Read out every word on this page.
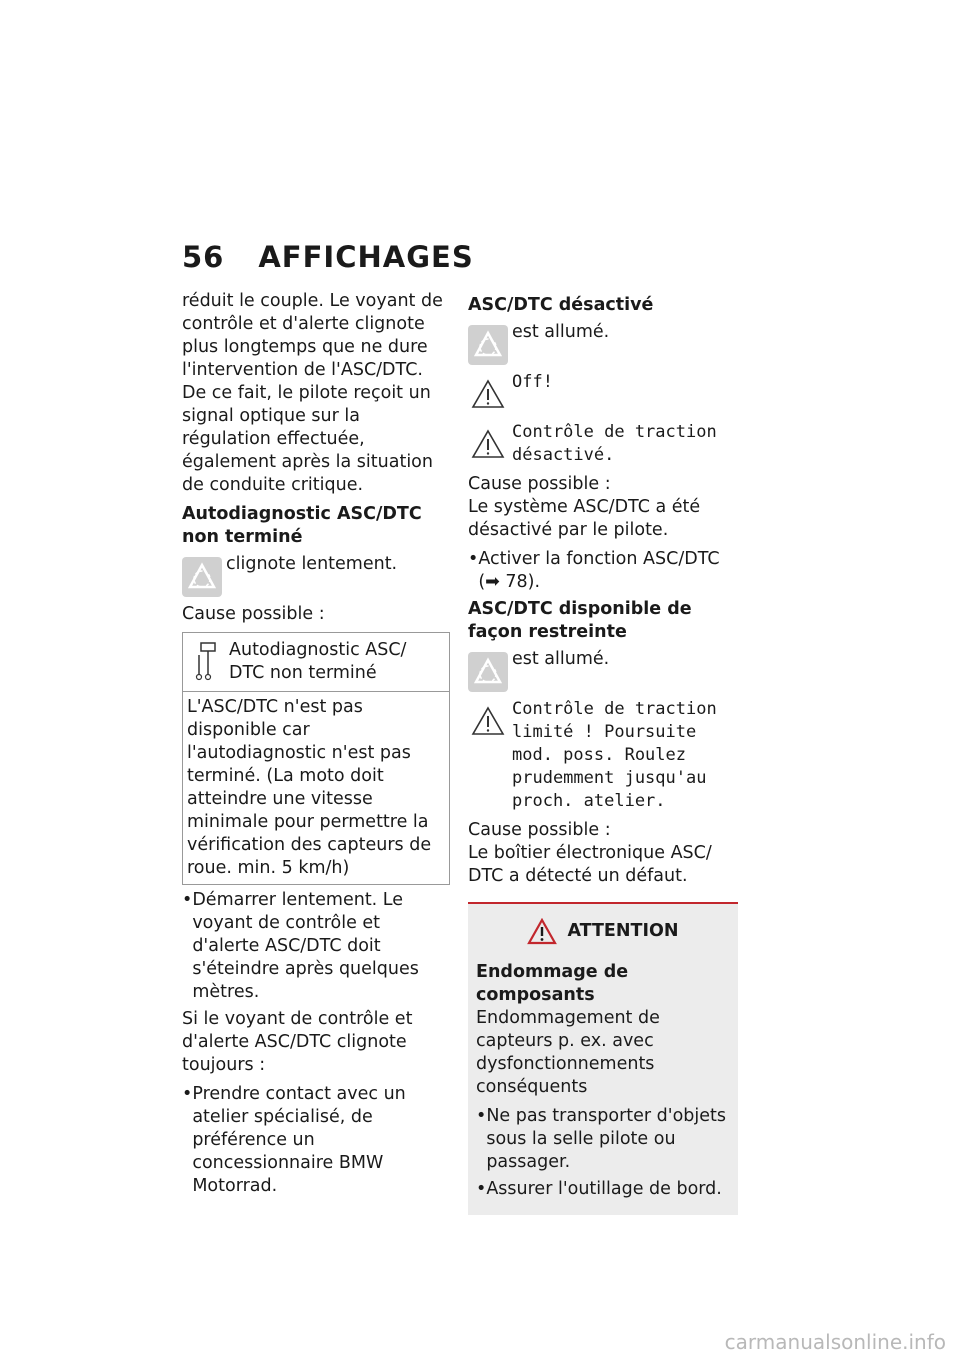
56 AFFICHAGES

réduit le couple. Le voyant de contrôle et d'alerte clignote plus longtemps que ne dure l'intervention de l'ASC/DTC. De ce fait, le pilote reçoit un signal optique sur la régulation effectuée, également après la situation de conduite critique.

Autodiagnostic ASC/DTC non terminé
clignote lentement.

Cause possible :

Autodiagnostic ASC/ DTC non terminé
L'ASC/DTC n'est pas disponible car l'autodiagnostic n'est pas terminé. (La moto doit atteindre une vitesse minimale pour permettre la vérification des capteurs de roue. min. 5 km/h)
• Démarrer lentement. Le voyant de contrôle et d'alerte ASC/DTC doit s'éteindre après quelques mètres.

Si le voyant de contrôle et d'alerte ASC/DTC clignote toujours :

• Prendre contact avec un atelier spécialisé, de préférence un concessionnaire BMW Motorrad.
ASC/DTC désactivé
est allumé.
Off!
Contrôle de traction désactivé.

Cause possible :
Le système ASC/DTC a été désactivé par le pilote.

• Activer la fonction ASC/DTC
(➡ 78).
ASC/DTC disponible de façon restreinte
est allumé.
Contrôle de traction limité ! Poursuite mod. poss. Roulez prudemment jusqu'au proch. atelier.

Cause possible :
Le boîtier électronique ASC/ DTC a détecté un défaut.

ATTENTION
Endommage de composants

Endommagement de capteurs p. ex. avec dysfonctionnements conséquents

• Ne pas transporter d'objets sous la selle pilote ou passager.
• Assurer l'outillage de bord.
carmanualsonline.info
